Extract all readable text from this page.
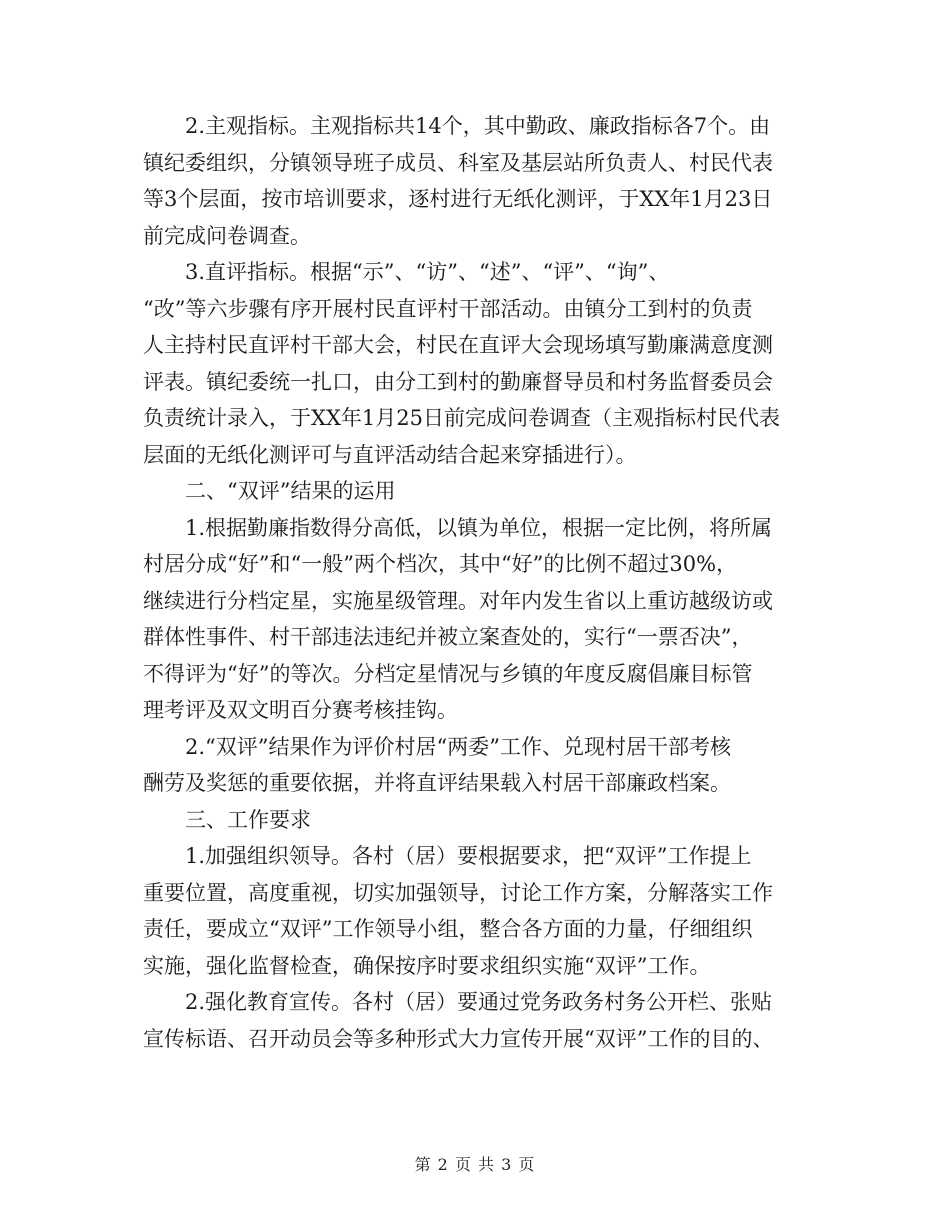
　　2.主观指标。主观指标共14个，其中勤政、廉政指标各7个。由
镇纪委组织，分镇领导班子成员、科室及基层站所负责人、村民代表
等3个层面，按市培训要求，逐村进行无纸化测评，于XX年1月23日
前完成问卷调查。

　　3.直评指标。根据“示”、“访”、“述”、“评”、“询”、
“改”等六步骤有序开展村民直评村干部活动。由镇分工到村的负责
人主持村民直评村干部大会，村民在直评大会现场填写勤廉满意度测
评表。镇纪委统一扎口，由分工到村的勤廉督导员和村务监督委员会
负责统计录入，于XX年1月25日前完成问卷调查（主观指标村民代表
层面的无纸化测评可与直评活动结合起来穿插进行）。

　　二、“双评”结果的运用

　　1.根据勤廉指数得分高低，以镇为单位，根据一定比例，将所属
村居分成“好”和“一般”两个档次，其中“好”的比例不超过30%，
继续进行分档定星，实施星级管理。对年内发生省以上重访越级访或
群体性事件、村干部违法违纪并被立案查处的，实行“一票否决”，
不得评为“好”的等次。分档定星情况与乡镇的年度反腐倡廉目标管
理考评及双文明百分赛考核挂钩。

　　2.“双评”结果作为评价村居“两委”工作、兑现村居干部考核
酬劳及奖惩的重要依据，并将直评结果载入村居干部廉政档案。

　　三、工作要求

　　1.加强组织领导。各村（居）要根据要求，把“双评”工作提上
重要位置，高度重视，切实加强领导，讨论工作方案，分解落实工作
责任，要成立“双评”工作领导小组，整合各方面的力量，仔细组织
实施，强化监督检查，确保按序时要求组织实施“双评”工作。

　　2.强化教育宣传。各村（居）要通过党务政务村务公开栏、张贴
宣传标语、召开动员会等多种形式大力宣传开展“双评”工作的目的、

第 2 页 共 3 页
